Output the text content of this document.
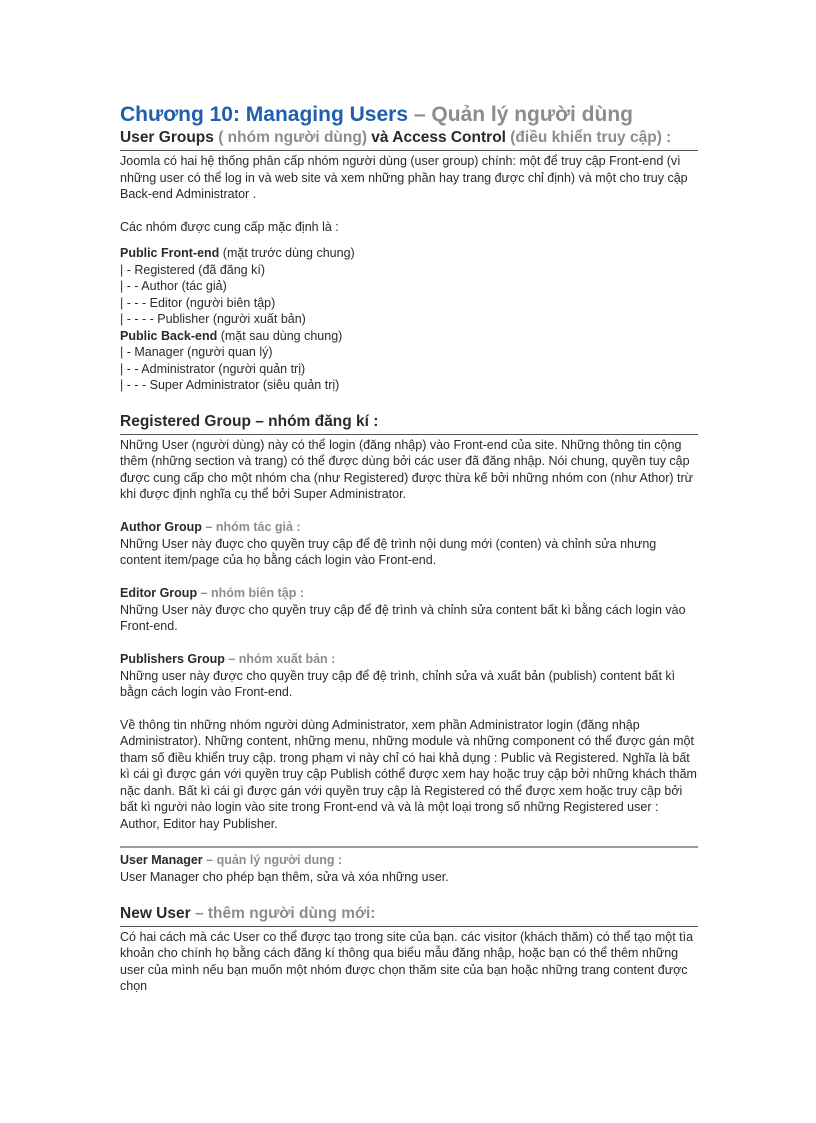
Chương 10: Managing Users – Quản lý người dùng
User Groups ( nhóm người dùng) và Access Control (điều khiển truy cập) :

Joomla có hai hệ thống phân cấp nhóm người dùng (user group) chính: một để truy cập Front-end (vì những user có thể log in và web site và xem những phần hay trang được chỉ định) và một cho truy cập Back-end Administrator .

Các nhóm được cung cấp mặc định là :

Public Front-end (mặt trước dùng chung)

| - Registered (đã đăng kí)

| - - Author (tác giả)

| - - - Editor (người biên tập)

| - - - - Publisher (người xuất bản)

Public Back-end (mặt sau dùng chung)

| - Manager (người quan lý)

| - - Administrator (người quản trị)

| - - - Super Administrator (siêu quản trị)

Registered Group – nhóm đăng kí :

Những User (người dùng) này có thể login (đăng nhập) vào Front-end của site. Những thông tin cộng thêm (những section và trang) có thể được dùng bởi các user đã đăng nhập. Nói chung, quyền tuy cập được cung cấp cho một nhóm cha (như Registered) được thừa kế bởi những nhóm con (như Athor) trừ khi được định nghĩa cụ thể bởi Super Administrator.

Author Group – nhóm tác giả :

Những User này đuợc cho quyền truy cập để đệ trình nội dung mới (conten) và chỉnh sửa nhưng content item/page của họ bằng cách login vào Front-end.

Editor Group – nhóm biên tập :

Những User này được cho quyền truy cập để đệ trình và chỉnh sửa content bất kì bằng cách login vào Front-end.

Publishers Group – nhóm xuất bản :

Những user này được cho quyền truy cập để đệ trình, chỉnh sửa và xuất bản (publish) content bất kì bằgn cách login vào Front-end.

Về thông tin những nhóm người dùng Administrator, xem phần Administrator login (đăng nhập Administrator). Những content, những menu, những module và những component có thể được gán một tham số điều khiển truy cập. trong phạm vi này chỉ có hai khả dụng : Public và Registered. Nghĩa là bất kì cái gì được gán với quyền truy cập Publish cóthể được xem hay hoặc truy cập bởi những khách thăm nặc danh. Bất kì cái gì được gán với quyền truy cập là Registered có thể được xem hoặc truy cập bởi bất kì người nào login vào site trong Front-end và và là một loại trong số những Registered user : Author, Editor hay Publisher.

User Manager – quản lý người dung :

User Manager cho phép bạn thêm, sửa và xóa những user.

New User – thêm người dùng mới:

Có hai cách mà các User co thể được tạo trong site của bạn. các visitor (khách thăm) có thể tạo một tìa khoản cho chính họ bằng cách đăng kí thông qua biểu mẫu đăng nhập, hoặc bạn có thể thêm những user của mình nếu bạn muốn một nhóm được chọn thăm site của bạn hoặc những trang content được chọn
